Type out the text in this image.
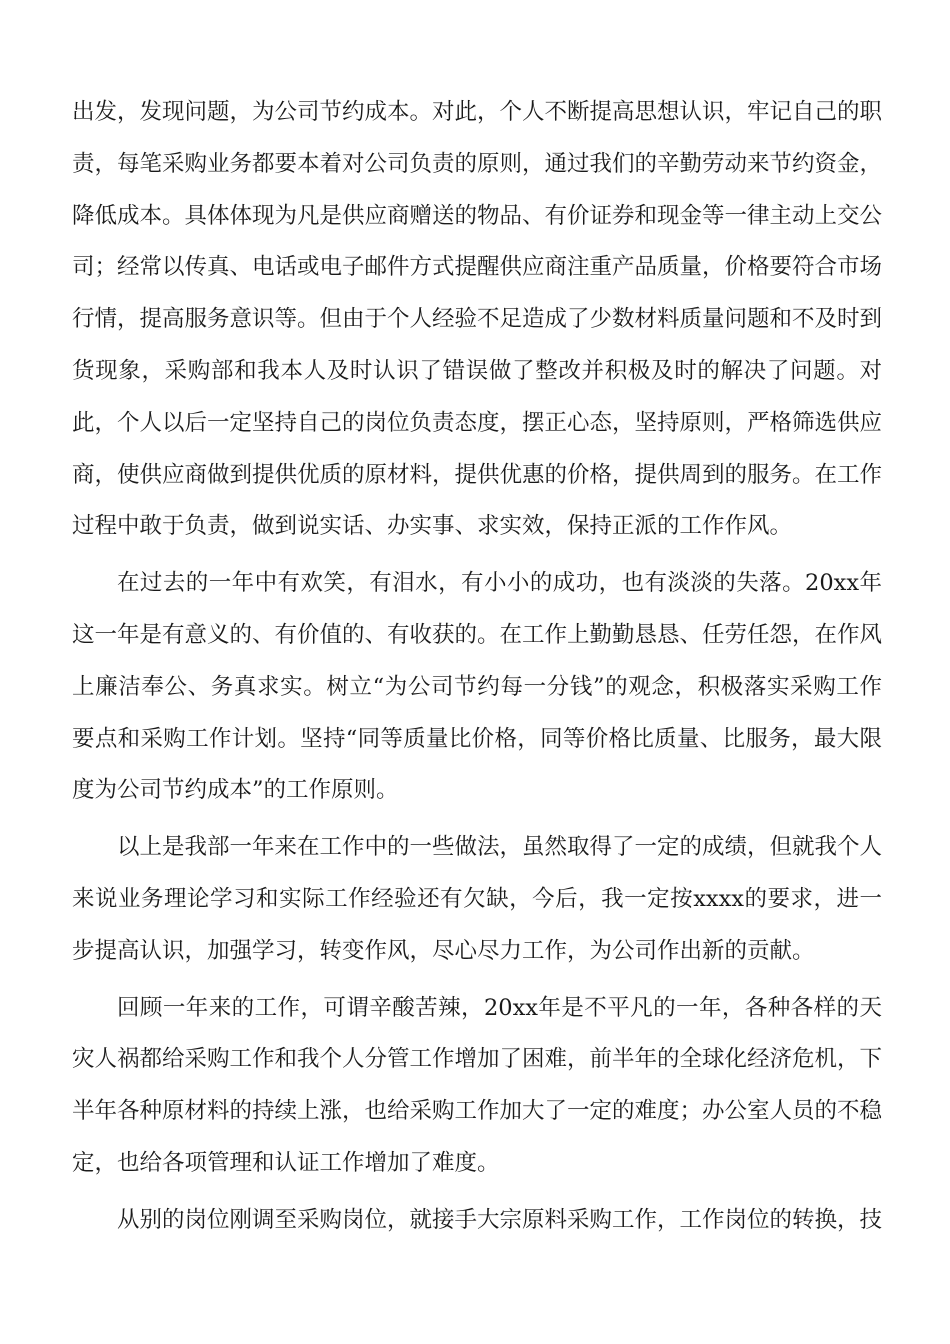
出发，发现问题，为公司节约成本。对此，个人不断提高思想认识，牢记自己的职责，每笔采购业务都要本着对公司负责的原则，通过我们的辛勤劳动来节约资金，降低成本。具体体现为凡是供应商赠送的物品、有价证券和现金等一律主动上交公司；经常以传真、电话或电子邮件方式提醒供应商注重产品质量，价格要符合市场行情，提高服务意识等。但由于个人经验不足造成了少数材料质量问题和不及时到货现象，采购部和我本人及时认识了错误做了整改并积极及时的解决了问题。对此，个人以后一定坚持自己的岗位负责态度，摆正心态，坚持原则，严格筛选供应商，使供应商做到提供优质的原材料，提供优惠的价格，提供周到的服务。在工作过程中敢于负责，做到说实话、办实事、求实效，保持正派的工作作风。

在过去的一年中有欢笑，有泪水，有小小的成功，也有淡淡的失落。20xx年这一年是有意义的、有价值的、有收获的。在工作上勤勤恳恳、任劳任怨，在作风上廉洁奉公、务真求实。树立“为公司节约每一分钱”的观念，积极落实采购工作要点和采购工作计划。坚持“同等质量比价格，同等价格比质量、比服务，最大限度为公司节约成本”的工作原则。

以上是我部一年来在工作中的一些做法，虽然取得了一定的成绩，但就我个人来说业务理论学习和实际工作经验还有欠缺，今后，我一定按xxxx的要求，进一步提高认识，加强学习，转变作风，尽心尽力工作，为公司作出新的贡献。

回顾一年来的工作，可谓辛酸苦辣，20xx年是不平凡的一年，各种各样的天灾人祸都给采购工作和我个人分管工作增加了困难，前半年的全球化经济危机，下半年各种原材料的持续上涨，也给采购工作加大了一定的难度；办公室人员的不稳定，也给各项管理和认证工作增加了难度。

从别的岗位刚调至采购岗位，就接手大宗原料采购工作，工作岗位的转换，技
